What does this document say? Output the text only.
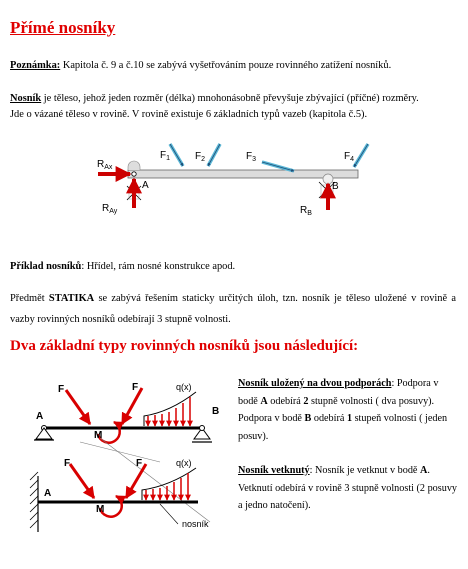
Přímé nosníky

Poznámka: Kapitola č. 9 a č.10 se zabývá vyšetřováním pouze rovinného zatížení nosníků.

Nosník je těleso, jehož jeden rozměr (délka) mnohonásobně převyšuje zbývající (příčné) rozměry.

Jde o vázané těleso v rovině. V rovině existuje 6 základních typů vazeb (kapitola č.5).

$R_{Ax}$
$R_{Ay}$
A	B
$R_B$
$F_1$ $F_2$	$F_3$	$F_4$

Příklad nosníků: Hřídel, rám nosné konstrukce apod.

Předmět STATIKA se zabývá řešením staticky určitých úloh, tzn. nosník je těleso uložené v rovině a vazby rovinných nosníků odebírají 3 stupně volnosti.

Dva základní typy rovinných nosníků jsou následující:
F	F
M
q(x)
A	B
F	F
M
q(x)
A
nosník

Nosník uložený na dvou podporách: Podpora v bodě A odebírá 2 stupně volnosti ( dva posuvy). Podpora v bodě B odebírá 1 stupeň volnosti ( jeden posuv).

Nosník vetknutý: Nosník je vetknut v bodě A. Vetknutí odebírá v rovině 3 stupně volnosti (2 posuvy a jedno natočení).
